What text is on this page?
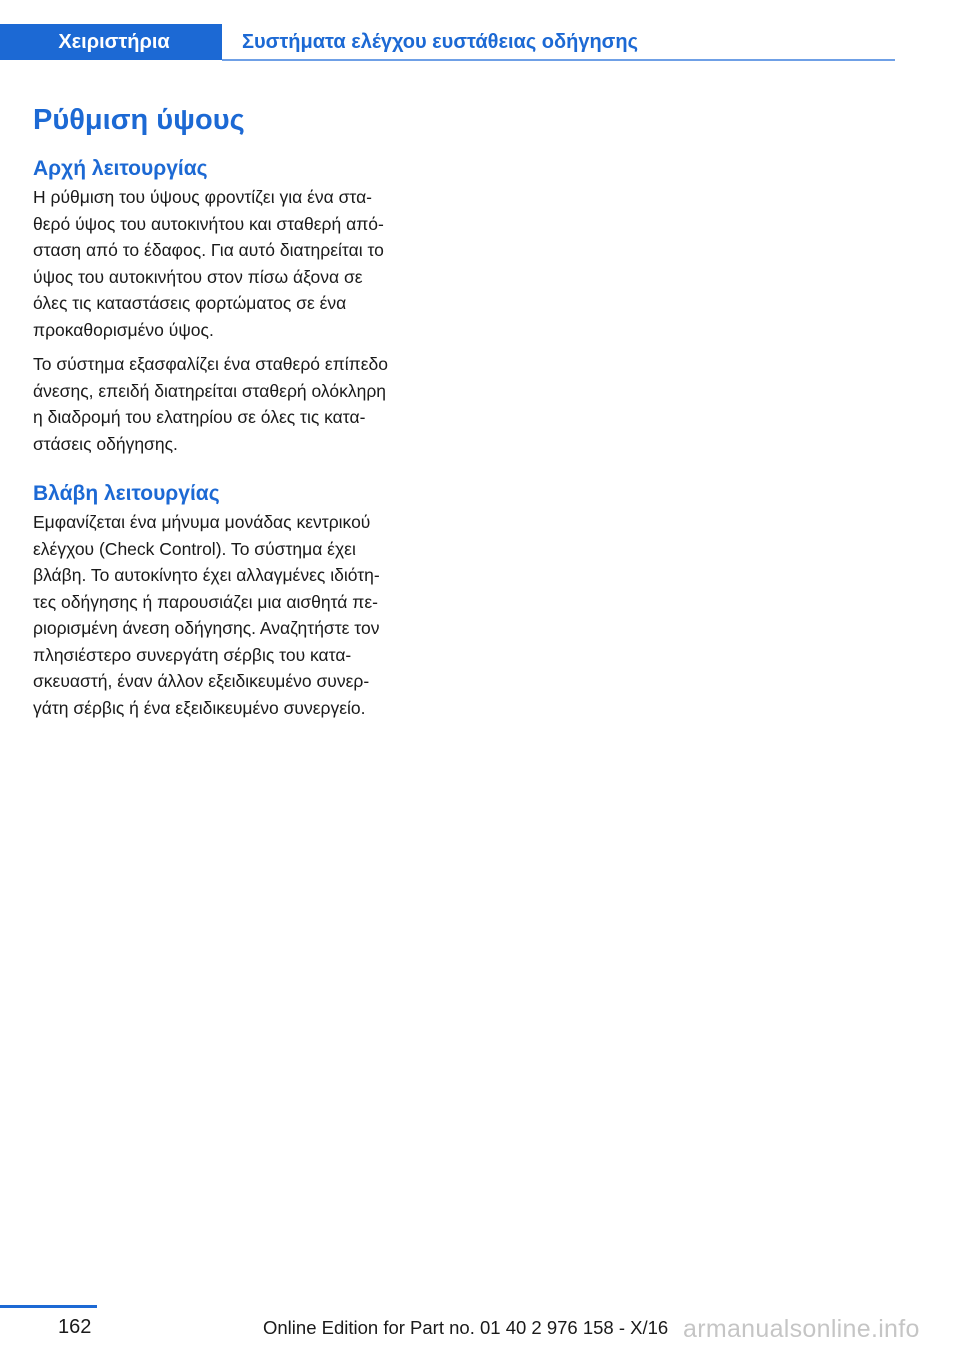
Χειριστήρια	Συστήματα ελέγχου ευστάθειας οδήγησης
Ρύθμιση ύψους
Αρχή λειτουργίας

Η ρύθμιση του ύψους φροντίζει για ένα στα‐
θερό ύψος του αυτοκινήτου και σταθερή από‐
σταση από το έδαφος. Για αυτό διατηρείται το
ύψος του αυτοκινήτου στον πίσω άξονα σε
όλες τις καταστάσεις φορτώματος σε ένα
προκαθορισμένο ύψος.

Το σύστημα εξασφαλίζει ένα σταθερό επίπεδο
άνεσης, επειδή διατηρείται σταθερή ολόκληρη
η διαδρομή του ελατηρίου σε όλες τις κατα‐
στάσεις οδήγησης.

Βλάβη λειτουργίας

Εμφανίζεται ένα μήνυμα μονάδας κεντρικού
ελέγχου (Check Control). Το σύστημα έχει
βλάβη. Το αυτοκίνητο έχει αλλαγμένες ιδιότη‐
τες οδήγησης ή παρουσιάζει μια αισθητά πε‐
ριορισμένη άνεση οδήγησης. Αναζητήστε τον
πλησιέστερο συνεργάτη σέρβις του κατα‐
σκευαστή, έναν άλλον εξειδικευμένο συνερ‐
γάτη σέρβις ή ένα εξειδικευμένο συνεργείο.

162	Online Edition for Part no. 01 40 2 976 158 - X/16 armanualsonline.info
